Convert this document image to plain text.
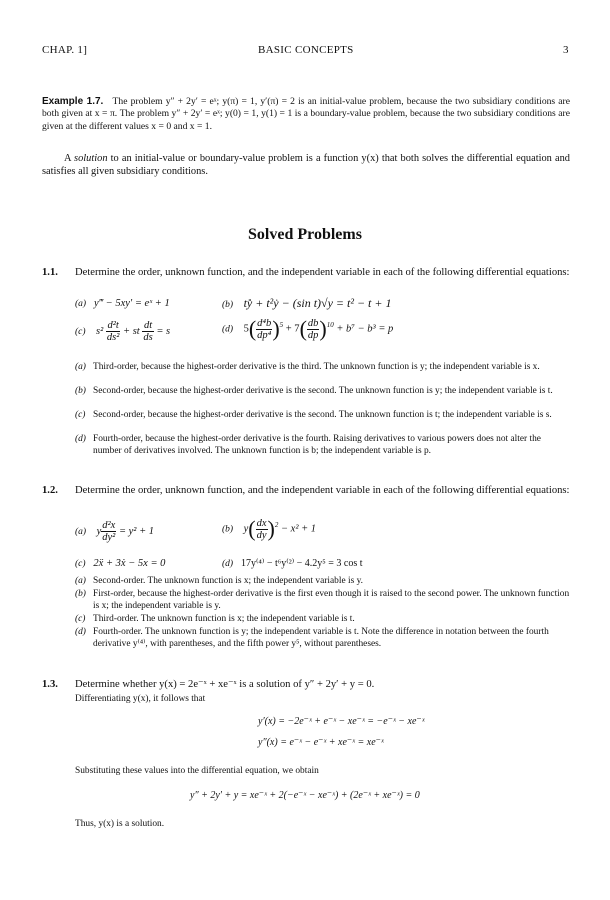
CHAP. 1]	BASIC CONCEPTS	3
Example 1.7. The problem y″ + 2y′ = eˣ; y(π) = 1, y′(π) = 2 is an initial-value problem, because the two subsidiary conditions are both given at x = π. The problem y″ + 2y′ = eˣ; y(0) = 1, y(1) = 1 is a boundary-value problem, because the two subsidiary conditions are given at the different values x = 0 and x = 1.
A solution to an initial-value or boundary-value problem is a function y(x) that both solves the differential equation and satisfies all given subsidiary conditions.
Solved Problems
1.1. Determine the order, unknown function, and the independent variable in each of the following differential equations:
(a) y‴ − 5xy′ = eˣ + 1	(b) ty̎ + t²ẏ − (sin t)√y = t² − t + 1
(c) $s^2 \frac{\text{d²t}}{\text{ds²}}$ + st $\frac{dt}{ds} = s$	(d) $5( \frac{\text{d⁴b}}{\text{dp⁴}} )^5 + 7( \frac{db}{dp} )^{10} + b^7 - b^3 = p$
(a) Third-order, because the highest-order derivative is the third. The unknown function is y; the independent variable is x.
(b) Second-order, because the highest-order derivative is the second. The unknown function is y; the independent variable is t.
(c) Second-order, because the highest-order derivative is the second. The unknown function is t; the independent variable is s.
(d) Fourth-order, because the highest-order derivative is the fourth. Raising derivatives to various powers does not alter the number of derivatives involved. The unknown function is b; the independent variable is p.
1.2. Determine the order, unknown function, and the independent variable in each of the following differential equations:
(a) y $\frac{\text{d²x}}{\text{dy²}} = y^2 + 1$	(b) $y( \frac{dx}{dy} )^2 - x^2 + 1$
(c) 2ẍ + 3ẋ − 5x = 0	(d) 17y⁽⁴⁾ − t⁶y⁽²⁾ − 4.2y⁵ = 3 cos t
(a) Second-order. The unknown function is x; the independent variable is y.
(b) First-order, because the highest-order derivative is the first even though it is raised to the second power. The unknown function is x; the independent variable is y.
(c) Third-order. The unknown function is x; the independent variable is t.
(d) Fourth-order. The unknown function is y; the independent variable is t. Note the difference in notation between the fourth derivative y⁽⁴⁾, with parentheses, and the fifth power y⁵, without parentheses.
1.3. Determine whether y(x) = 2e⁻ˣ + xe⁻ˣ is a solution of y″ + 2y′ + y = 0.
Differentiating y(x), it follows that
y′(x) = −2e⁻ˣ + e⁻ˣ − xe⁻ˣ = −e⁻ˣ − xe⁻ˣ
y″(x) = e⁻ˣ − e⁻ˣ + xe⁻ˣ = xe⁻ˣ
Substituting these values into the differential equation, we obtain
y″ + 2y′ + y = xe⁻ˣ + 2(−e⁻ˣ − xe⁻ˣ) + (2e⁻ˣ + xe⁻ˣ) = 0
Thus, y(x) is a solution.
